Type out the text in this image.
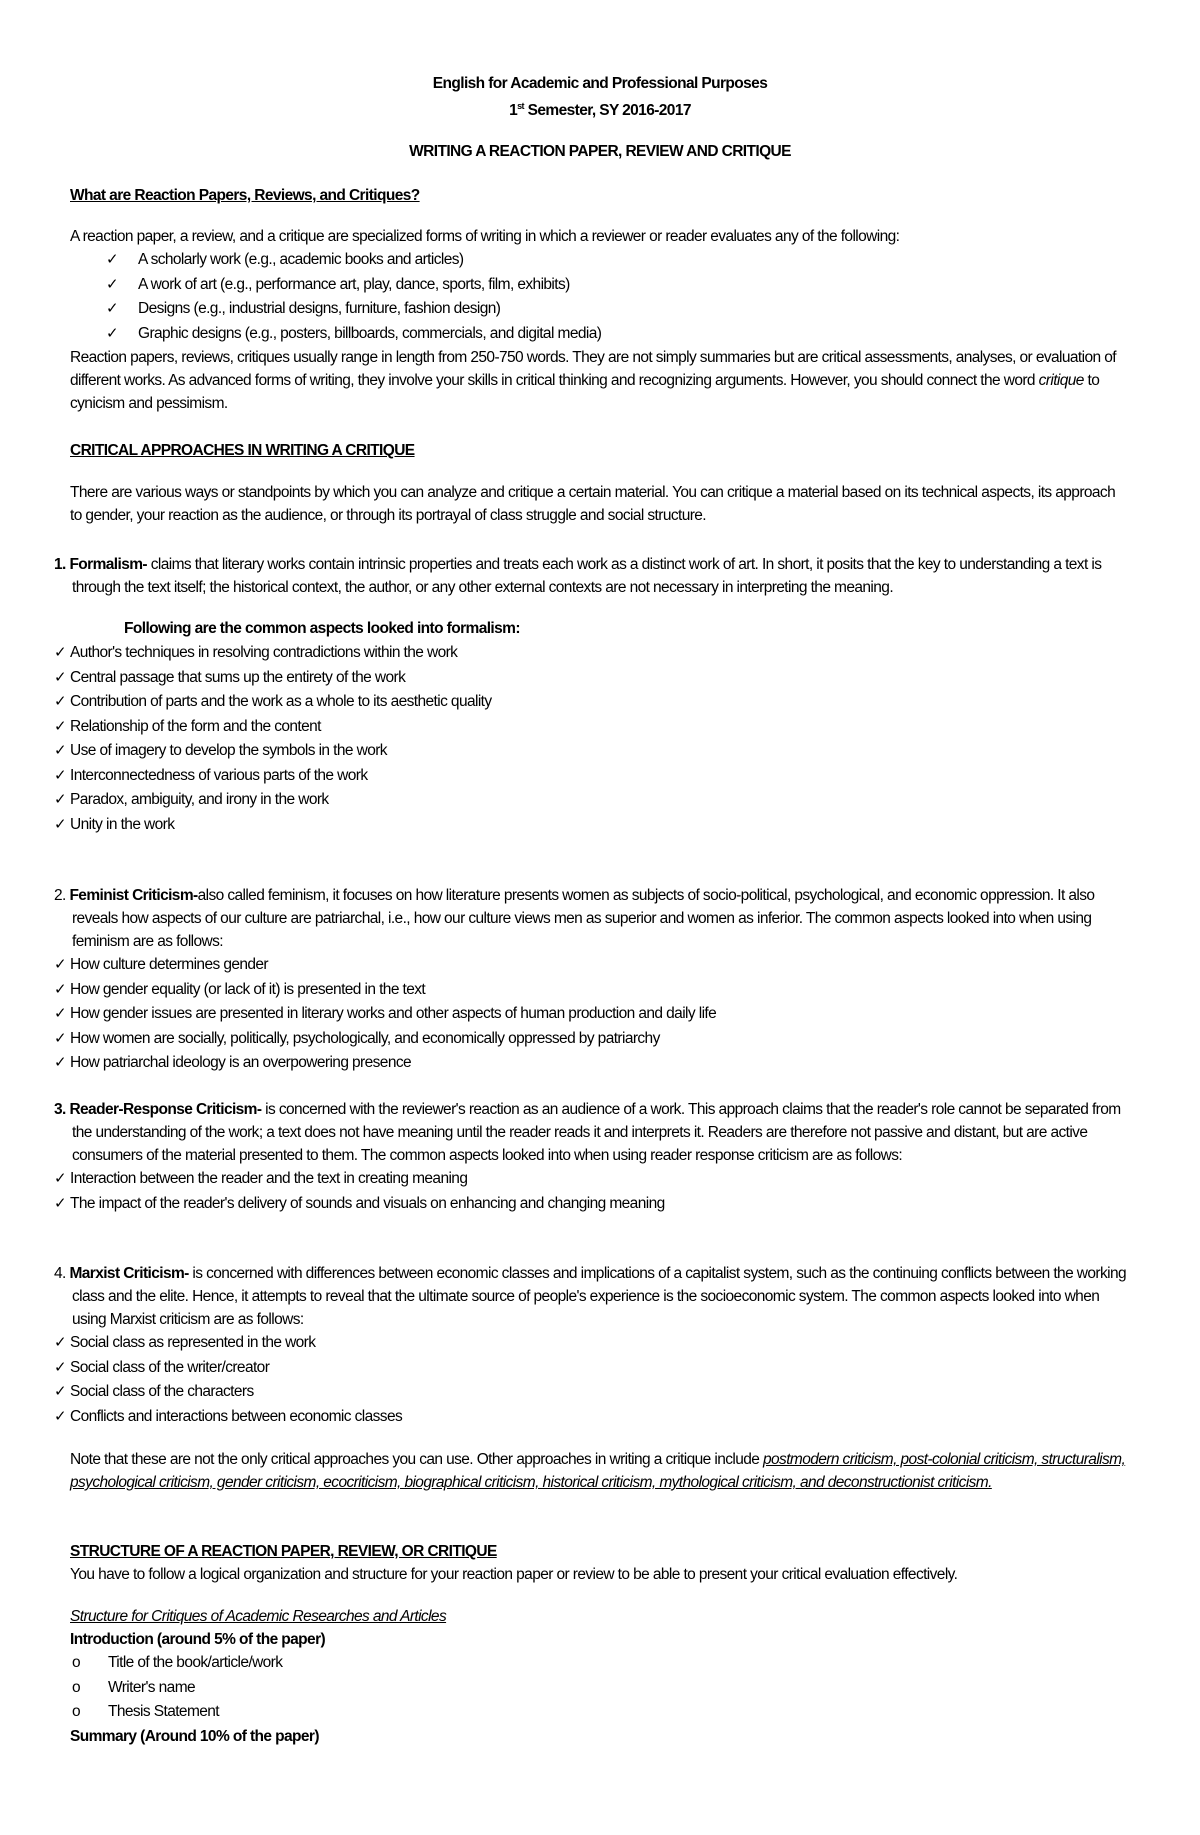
English for Academic and Professional Purposes

1st Semester, SY 2016-2017

WRITING A REACTION PAPER, REVIEW AND CRITIQUE

What are Reaction Papers, Reviews, and Critiques?

A reaction paper, a review, and a critique are specialized forms of writing in which a reviewer or reader evaluates any of the following:

✓ A scholarly work (e.g., academic books and articles)
✓ A work of art (e.g., performance art, play, dance, sports, film, exhibits)
✓ Designs (e.g., industrial designs, furniture, fashion design)
✓ Graphic designs (e.g., posters, billboards, commercials, and digital media)

Reaction papers, reviews, critiques usually range in length from 250-750 words. They are not simply summaries but are critical assessments, analyses, or evaluation of different works. As advanced forms of writing, they involve your skills in critical thinking and recognizing arguments. However, you should connect the word critique to cynicism and pessimism.

CRITICAL APPROACHES IN WRITING A CRITIQUE

There are various ways or standpoints by which you can analyze and critique a certain material. You can critique a material based on its technical aspects, its approach to gender, your reaction as the audience, or through its portrayal of class struggle and social structure.

1. Formalism- claims that literary works contain intrinsic properties and treats each work as a distinct work of art. In short, it posits that the key to understanding a text is through the text itself; the historical context, the author, or any other external contexts are not necessary in interpreting the meaning.

Following are the common aspects looked into formalism:

✓ Author's techniques in resolving contradictions within the work
✓ Central passage that sums up the entirety of the work
✓ Contribution of parts and the work as a whole to its aesthetic quality
✓ Relationship of the form and the content
✓ Use of imagery to develop the symbols in the work
✓ Interconnectedness of various parts of the work
✓ Paradox, ambiguity, and irony in the work
✓ Unity in the work

2. Feminist Criticism-also called feminism, it focuses on how literature presents women as subjects of socio-political, psychological, and economic oppression. It also reveals how aspects of our culture are patriarchal, i.e., how our culture views men as superior and women as inferior. The common aspects looked into when using feminism are as follows:

✓ How culture determines gender
✓ How gender equality (or lack of it) is presented in the text
✓ How gender issues are presented in literary works and other aspects of human production and daily life
✓ How women are socially, politically, psychologically, and economically oppressed by patriarchy
✓ How patriarchal ideology is an overpowering presence

3. Reader-Response Criticism- is concerned with the reviewer's reaction as an audience of a work. This approach claims that the reader's role cannot be separated from the understanding of the work; a text does not have meaning until the reader reads it and interprets it. Readers are therefore not passive and distant, but are active consumers of the material presented to them. The common aspects looked into when using reader response criticism are as follows:

✓ Interaction between the reader and the text in creating meaning
✓ The impact of the reader's delivery of sounds and visuals on enhancing and changing meaning

4. Marxist Criticism- is concerned with differences between economic classes and implications of a capitalist system, such as the continuing conflicts between the working class and the elite. Hence, it attempts to reveal that the ultimate source of people's experience is the socioeconomic system. The common aspects looked into when using Marxist criticism are as follows:

✓ Social class as represented in the work
✓ Social class of the writer/creator
✓ Social class of the characters
✓ Conflicts and interactions between economic classes

Note that these are not the only critical approaches you can use. Other approaches in writing a critique include postmodern criticism, post-colonial criticism, structuralism, psychological criticism, gender criticism, ecocriticism, biographical criticism, historical criticism, mythological criticism, and deconstructionist criticism.

STRUCTURE OF A REACTION PAPER, REVIEW, OR CRITIQUE

You have to follow a logical organization and structure for your reaction paper or review to be able to present your critical evaluation effectively.

Structure for Critiques of Academic Researches and Articles

Introduction (around 5% of the paper)

o Title of the book/article/work
o Writer's name
o Thesis Statement

Summary (Around 10% of the paper)
